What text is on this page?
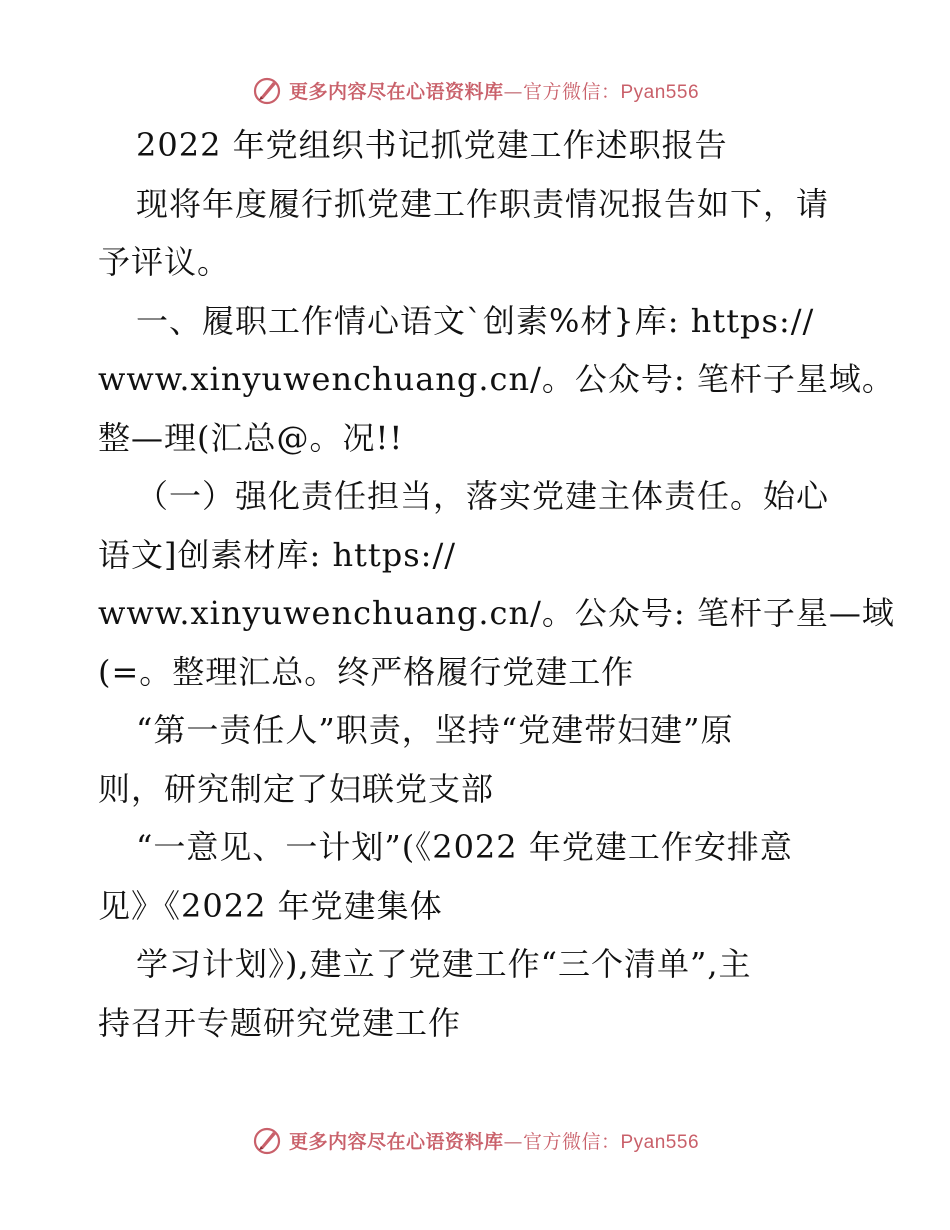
更多内容尽在心语资料库—官方微信：Pyan556
2022 年党组织书记抓党建工作述职报告
现将年度履行抓党建工作职责情况报告如下，请
予评议。
一、履职工作情心语文`创素%材}库: https://
www.xinyuwenchuang.cn/。公众号: 笔杆子星域。
整—理(汇总@。况!!
（一）强化责任担当，落实党建主体责任。始心
语文]创素材库: https://
www.xinyuwenchuang.cn/。公众号: 笔杆子星—域
(=。整理汇总。终严格履行党建工作
“第一责任人”职责，坚持“党建带妇建”原
则，研究制定了妇联党支部
“一意见、一计划”(《2022 年党建工作安排意
见》《2022 年党建集体
学习计划》),建立了党建工作“三个清单”,主
持召开专题研究党建工作
更多内容尽在心语资料库—官方微信：Pyan556
